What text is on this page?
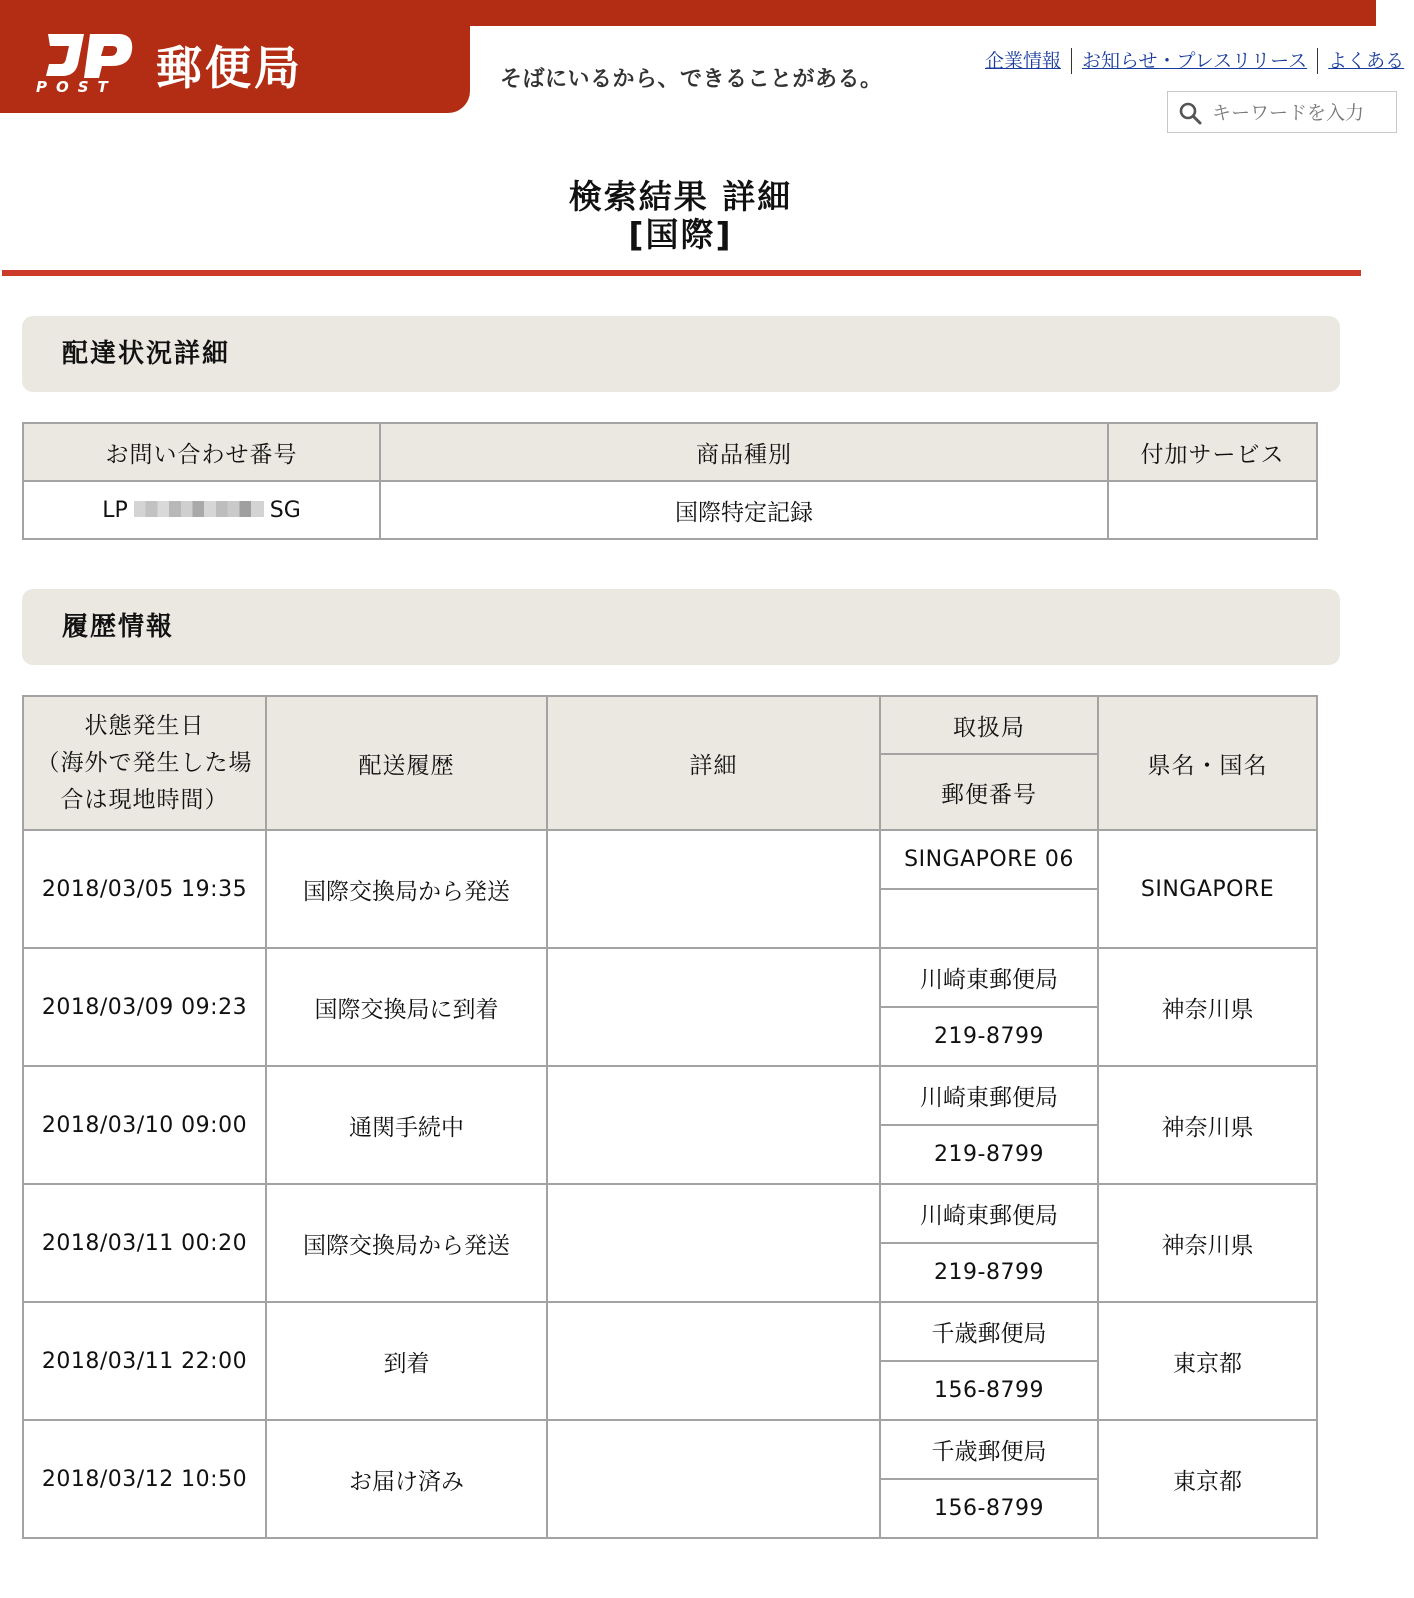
POST 郵便局	そばにいるから、できることがある。
企業情報	お知らせ・プレスリリース	よくある
キーワードを入力
検索結果 詳細
[国際]
配達状況詳細
お問い合わせ番号	商品種別	付加サービス
LP SG	国際特定記録	
履歴情報
状態発生日
（海外で発生した場
合は現地時間）	配送履歴	詳細	取扱局	県名・国名
			郵便番号	
2018/03/05 19:35	国際交換局から発送		SINGAPORE 06	SINGAPORE

2018/03/09 09:23	国際交換局に到着		川崎東郵便局	神奈川県
			219-8799	
2018/03/10 09:00	通関手続中		川崎東郵便局	神奈川県
			219-8799	
2018/03/11 00:20	国際交換局から発送		川崎東郵便局	神奈川県
			219-8799	
2018/03/11 22:00	到着		千歳郵便局	東京都
			156-8799	
2018/03/12 10:50	お届け済み		千歳郵便局	東京都
			156-8799	
